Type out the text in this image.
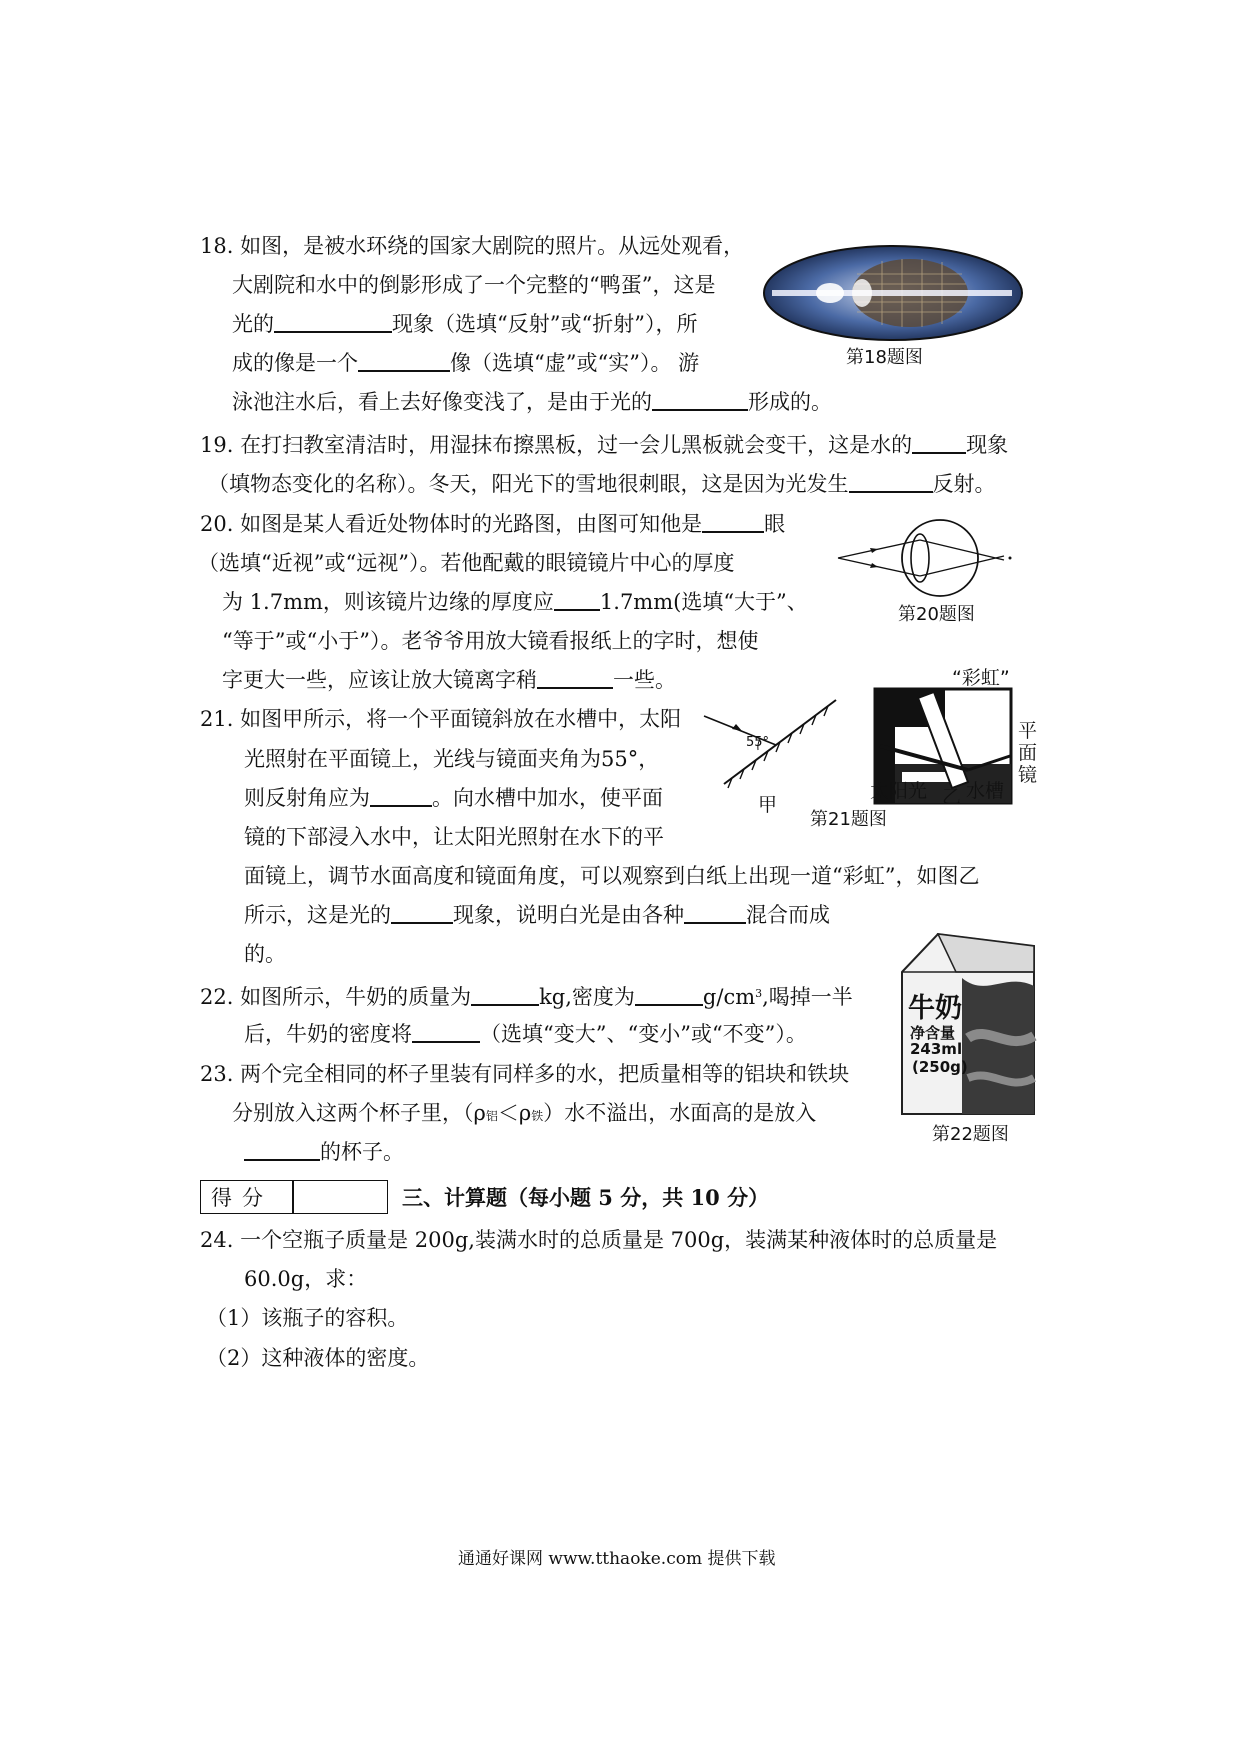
18. 如图，是被水环绕的国家大剧院的照片。从远处观看，
大剧院和水中的倒影形成了一个完整的“鸭蛋”，这是
光的	现象（选填“反射”或“折射”），所
成的像是一个	像（选填“虚”或“实”）。 游
泳池注水后，看上去好像变浅了，是由于光的	形成的。
第18题图
19. 在打扫教室清洁时，用湿抹布擦黑板，过一会儿黑板就会变干，这是水的	现象
（填物态变化的名称）。冬天，阳光下的雪地很刺眼，这是因为光发生	反射。
20. 如图是某人看近处物体时的光路图，由图可知他是	眼
（选填“近视”或“远视”）。若他配戴的眼镜镜片中心的厚度
为 1.7mm，则该镜片边缘的厚度应 1.7mm(选填“大于”、
“等于”或“小于”）。老爷爷用放大镜看报纸上的字时，想使
字更大一些，应该让放大镜离字稍	一些。
第20题图
21. 如图甲所示，将一个平面镜斜放在水槽中，太阳
光照射在平面镜上，光线与镜面夹角为55°，
则反射角应为	。向水槽中加水，使平面
镜的下部浸入水中，让太阳光照射在水下的平
面镜上，调节水面高度和镜面角度，可以观察到白纸上出现一道“彩虹”，如图乙
所示，这是光的	现象，说明白光是由各种	混合而成
的。
55°
“彩虹”
平面镜
太阳光 乙 水槽
甲
第21题图
22. 如图所示，牛奶的质量为	kg,密度为	$g/cm^3$,喝掉一半
后，牛奶的密度将	（选填“变大”、“变小”或“不变”）。
牛奶
净含量
243ml
(250g)
第22题图
23. 两个完全相同的杯子里装有同样多的水，把质量相等的铝块和铁块
分别放入这两个杯子里，（ρ铝＜ρ铁）水不溢出，水面高的是放入
的杯子。
得分	三、计算题（每小题 5 分，共 10 分）
24. 一个空瓶子质量是 200g,装满水时的总质量是 700g，装满某种液体时的总质量是
60.0g，求：
（1）该瓶子的容积。
（2）这种液体的密度。
通通好课网 www.tthaoke.com 提供下载
